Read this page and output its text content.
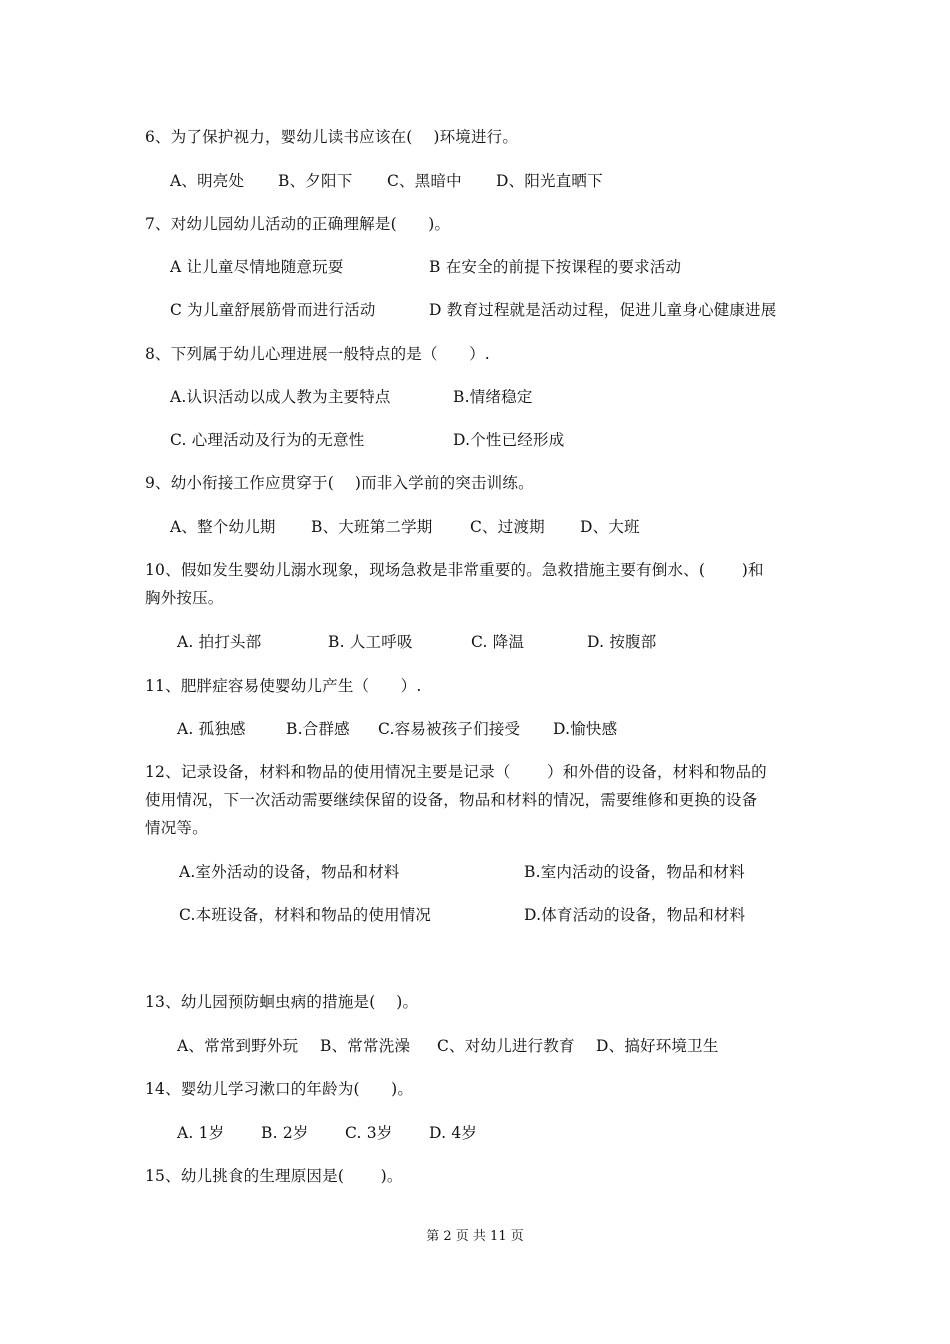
6、为了保护视力，婴幼儿读书应该在(　 )环境进行。
A、明亮处 B、夕阳下 C、黑暗中 D、阳光直晒下
7、对幼儿园幼儿活动的正确理解是(　　)。
A 让儿童尽情地随意玩耍	B 在安全的前提下按课程的要求活动
C 为儿童舒展筋骨而进行活动	D 教育过程就是活动过程，促进儿童身心健康进展
8、下列属于幼儿心理进展一般特点的是（　　）.
A.认识活动以成人教为主要特点	B.情绪稳定
C. 心理活动及行为的无意性	D.个性已经形成
9、幼小衔接工作应贯穿于(　 )而非入学前的突击训练。
A、整个幼儿期 B、大班第二学期 C、过渡期 D、大班
10、假如发生婴幼儿溺水现象，现场急救是非常重要的。急救措施主要有倒水、(　　 )和
胸外按压。
A. 拍打头部	B. 人工呼吸	C. 降温	D. 按腹部
11、肥胖症容易使婴幼儿产生（　　）.
A. 孤独感	B.合群感 C.容易被孩子们接受 D.愉快感
12、记录设备，材料和物品的使用情况主要是记录（　　 ）和外借的设备，材料和物品的
使用情况，下一次活动需要继续保留的设备，物品和材料的情况，需要维修和更换的设备
情况等。
A.室外活动的设备，物品和材料	B.室内活动的设备，物品和材料
C.本班设备，材料和物品的使用情况	D.体育活动的设备，物品和材料
13、幼儿园预防蛔虫病的措施是(　 )。
A、常常到野外玩 B、常常洗澡 C、对幼儿进行教育 D、搞好环境卫生
14、婴幼儿学习漱口的年龄为(　　)。
A. 1岁 B. 2岁 C. 3岁 D. 4岁
15、幼儿挑食的生理原因是(　　 )。
第 2 页 共 11 页
